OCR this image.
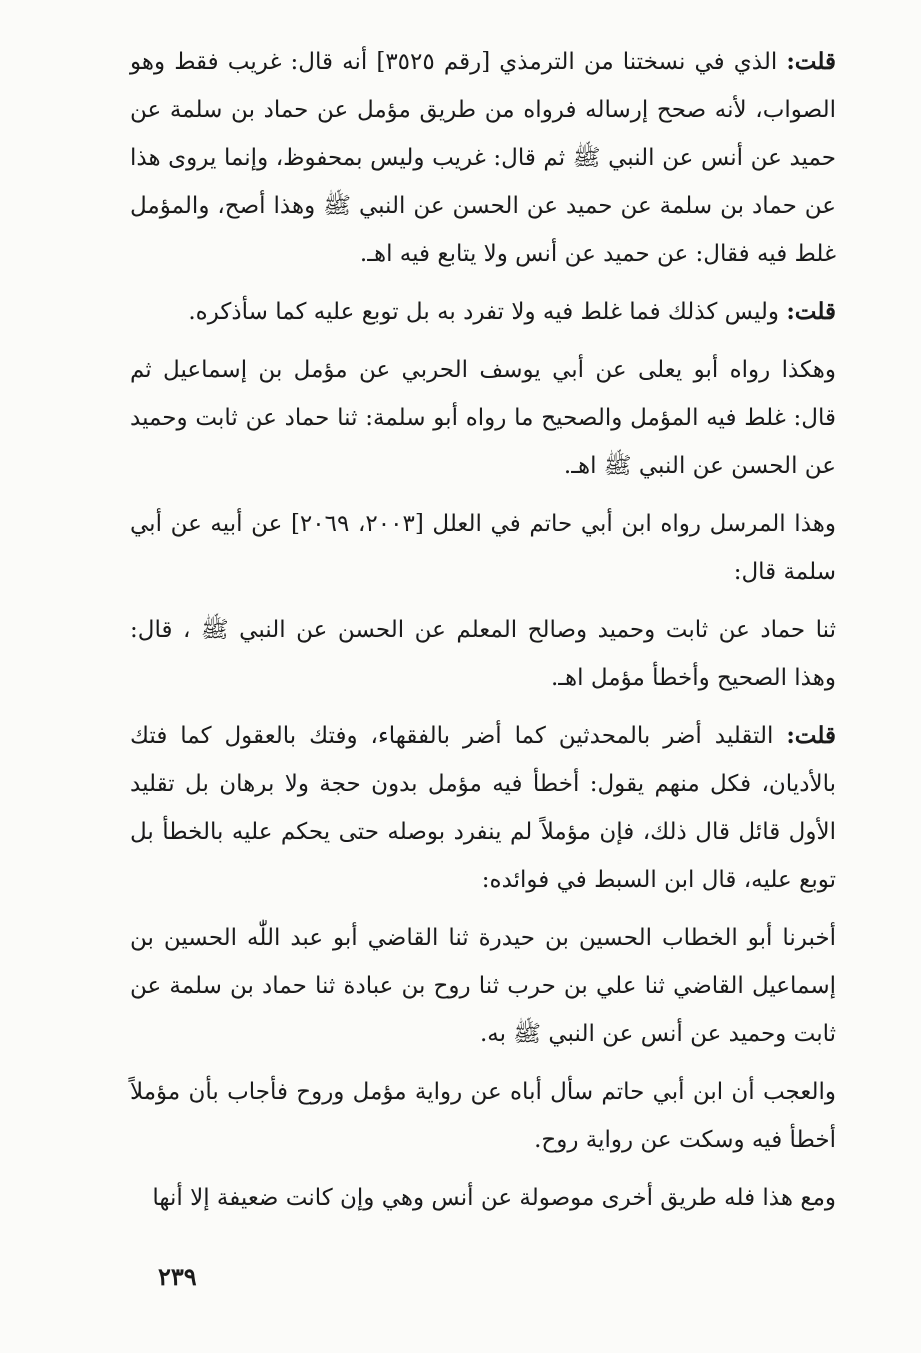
قلت: الذي في نسختنا من الترمذي [رقم ٣٥٢٥] أنه قال: غريب فقط وهو الصواب، لأنه صحح إرساله فرواه من طريق مؤمل عن حماد بن سلمة عن حميد عن أنس عن النبي ﷺ ثم قال: غريب وليس بمحفوظ، وإنما يروى هذا عن حماد بن سلمة عن حميد عن الحسن عن النبي ﷺ وهذا أصح، والمؤمل غلط فيه فقال: عن حميد عن أنس ولا يتابع فيه اهـ.

قلت: وليس كذلك فما غلط فيه ولا تفرد به بل توبع عليه كما سأذكره.

وهكذا رواه أبو يعلى عن أبي يوسف الحربي عن مؤمل بن إسماعيل ثم قال: غلط فيه المؤمل والصحيح ما رواه أبو سلمة: ثنا حماد عن ثابت وحميد عن الحسن عن النبي ﷺ اهـ.

وهذا المرسل رواه ابن أبي حاتم في العلل [٢٠٠٣، ٢٠٦٩] عن أبيه عن أبي سلمة قال:

ثنا حماد عن ثابت وحميد وصالح المعلم عن الحسن عن النبي ﷺ ، قال: وهذا الصحيح وأخطأ مؤمل اهـ.

قلت: التقليد أضر بالمحدثين كما أضر بالفقهاء، وفتك بالعقول كما فتك بالأديان، فكل منهم يقول: أخطأ فيه مؤمل بدون حجة ولا برهان بل تقليد الأول قائل قال ذلك، فإن مؤملاً لم ينفرد بوصله حتى يحكم عليه بالخطأ بل توبع عليه، قال ابن السبط في فوائده:

أخبرنا أبو الخطاب الحسين بن حيدرة ثنا القاضي أبو عبد اللّٰه الحسين بن إسماعيل القاضي ثنا علي بن حرب ثنا روح بن عبادة ثنا حماد بن سلمة عن ثابت وحميد عن أنس عن النبي ﷺ به.

والعجب أن ابن أبي حاتم سأل أباه عن رواية مؤمل وروح فأجاب بأن مؤملاً أخطأ فيه وسكت عن رواية روح.

ومع هذا فله طريق أخرى موصولة عن أنس وهي وإن كانت ضعيفة إلا أنها

٢٣٩
